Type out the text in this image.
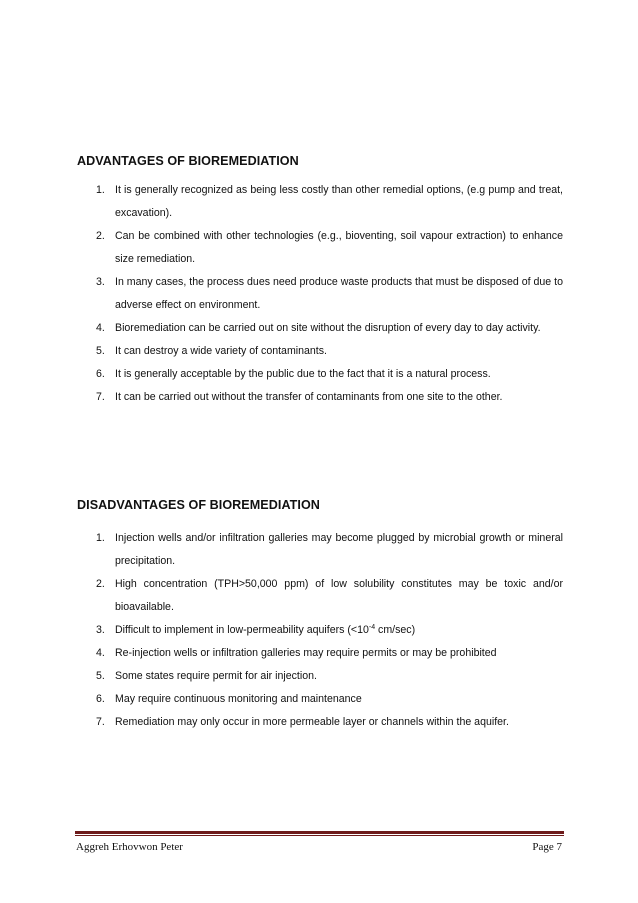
ADVANTAGES OF BIOREMEDIATION
1. It is generally recognized as being less costly than other remedial options, (e.g pump and treat, excavation).
2. Can be combined with other technologies (e.g., bioventing, soil vapour extraction) to enhance size remediation.
3. In many cases, the process dues need produce waste products that must be disposed of due to adverse effect on environment.
4. Bioremediation can be carried out on site without the disruption of every day to day activity.
5. It can destroy a wide variety of contaminants.
6. It is generally acceptable by the public due to the fact that it is a natural process.
7. It can be carried out without the transfer of contaminants from one site to the other.
DISADVANTAGES OF BIOREMEDIATION
1. Injection wells and/or infiltration galleries may become plugged by microbial growth or mineral precipitation.
2. High concentration (TPH>50,000 ppm) of low solubility constitutes may be toxic and/or bioavailable.
3. Difficult to implement in low-permeability aquifers ($<10^{-4}$ cm/sec)
4. Re-injection wells or infiltration galleries may require permits or may be prohibited
5. Some states require permit for air injection.
6. May require continuous monitoring and maintenance
7. Remediation may only occur in more permeable layer or channels within the aquifer.
Aggreh Erhovwon Peter	Page 7
